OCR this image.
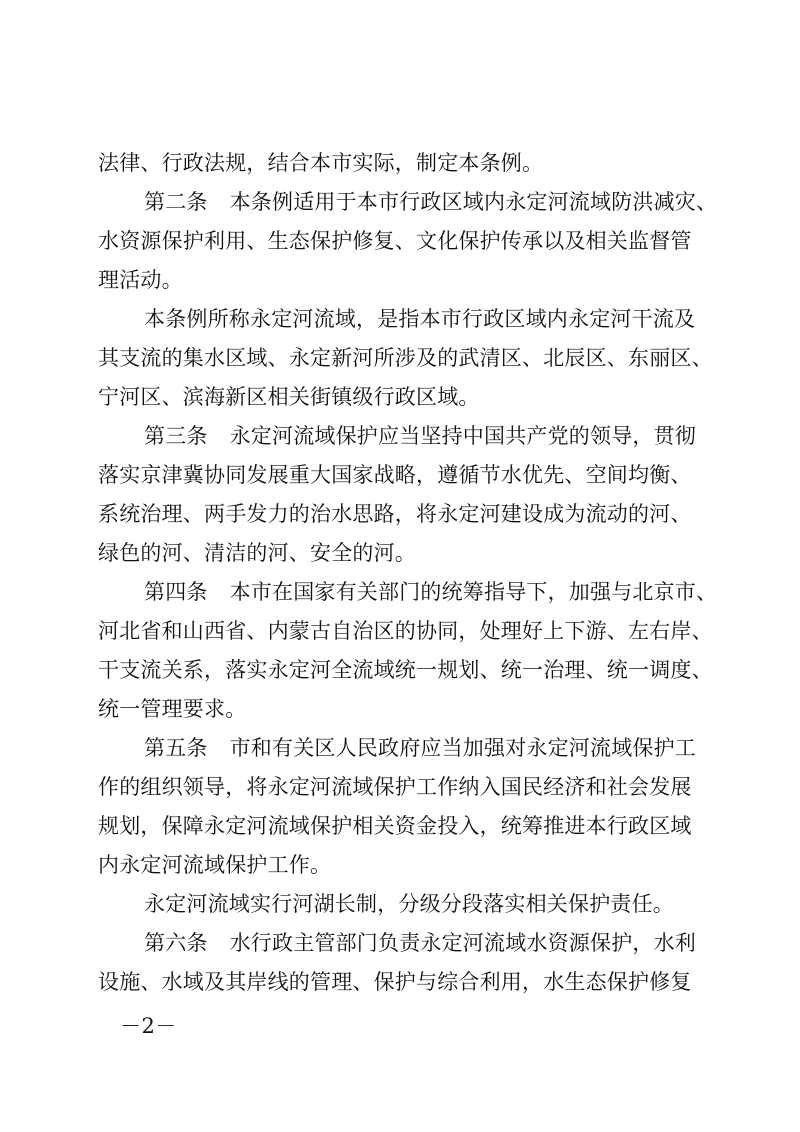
法律、行政法规，结合本市实际，制定本条例。
第二条 本条例适用于本市行政区域内永定河流域防洪减灾、
水资源保护利用、生态保护修复、文化保护传承以及相关监督管
理活动。
本条例所称永定河流域，是指本市行政区域内永定河干流及
其支流的集水区域、永定新河所涉及的武清区、北辰区、东丽区、
宁河区、滨海新区相关街镇级行政区域。
第三条 永定河流域保护应当坚持中国共产党的领导，贯彻
落实京津冀协同发展重大国家战略，遵循节水优先、空间均衡、
系统治理、两手发力的治水思路，将永定河建设成为流动的河、
绿色的河、清洁的河、安全的河。
第四条 本市在国家有关部门的统筹指导下，加强与北京市、
河北省和山西省、内蒙古自治区的协同，处理好上下游、左右岸、
干支流关系，落实永定河全流域统一规划、统一治理、统一调度、
统一管理要求。
第五条 市和有关区人民政府应当加强对永定河流域保护工
作的组织领导，将永定河流域保护工作纳入国民经济和社会发展
规划，保障永定河流域保护相关资金投入，统筹推进本行政区域
内永定河流域保护工作。
永定河流域实行河湖长制，分级分段落实相关保护责任。
第六条 水行政主管部门负责永定河流域水资源保护，水利
设施、水域及其岸线的管理、保护与综合利用，水生态保护修复
－2－
